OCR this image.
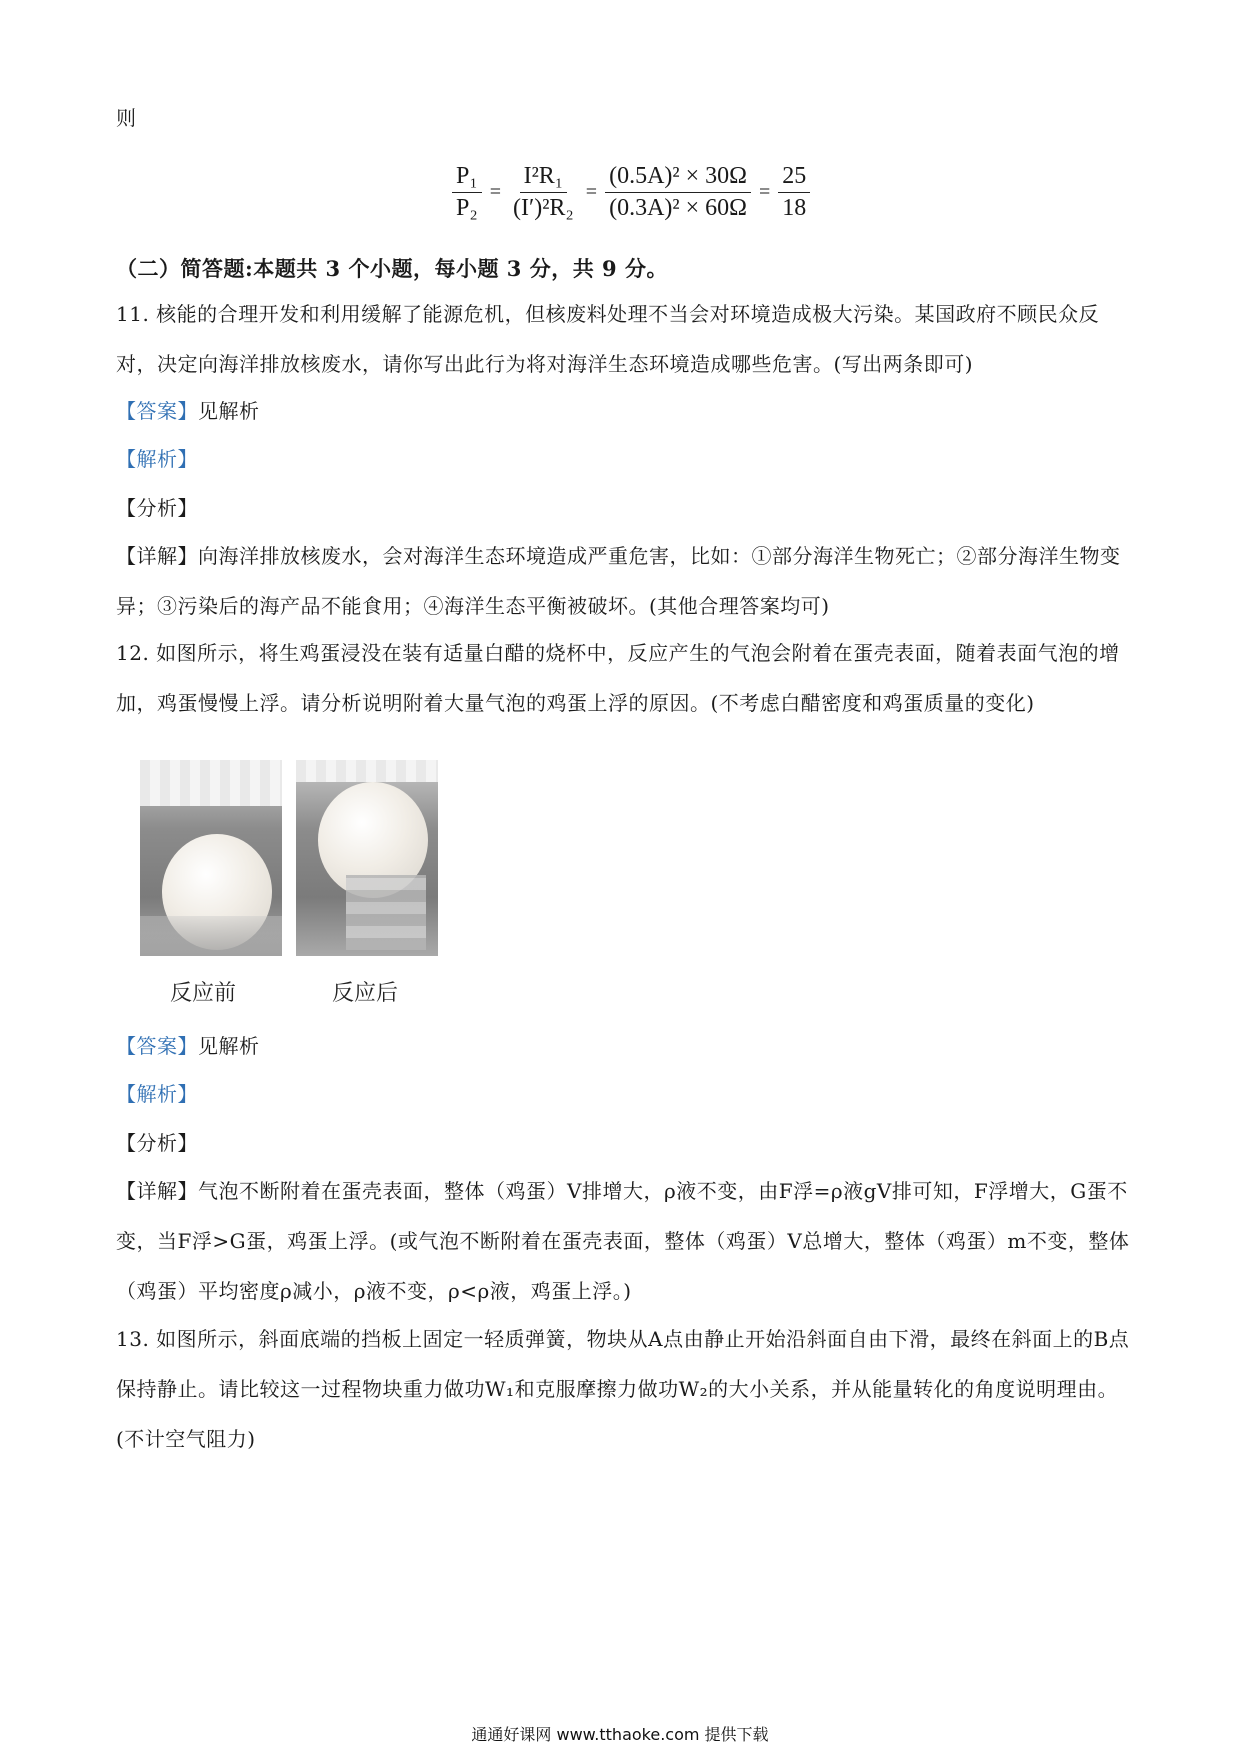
则
$\frac{\text{P₁}}{\text{P₂}} = \frac{\text{I²R₁}}{\text{(I′)²R₂}} = \frac{\text{(0.5A)² × 30Ω}}{\text{(0.3A)² × 60Ω}} = \frac{25}{18}$
（二）简答题:本题共 3 个小题，每小题 3 分，共 9 分。
11. 核能的合理开发和利用缓解了能源危机，但核废料处理不当会对环境造成极大污染。某国政府不顾民众反对，决定向海洋排放核废水，请你写出此行为将对海洋生态环境造成哪些危害。(写出两条即可)
【答案】见解析
【解析】
【分析】
【详解】向海洋排放核废水，会对海洋生态环境造成严重危害，比如：①部分海洋生物死亡；②部分海洋生物变异；③污染后的海产品不能食用；④海洋生态平衡被破坏。(其他合理答案均可)
12. 如图所示，将生鸡蛋浸没在装有适量白醋的烧杯中，反应产生的气泡会附着在蛋壳表面，随着表面气泡的增加，鸡蛋慢慢上浮。请分析说明附着大量气泡的鸡蛋上浮的原因。(不考虑白醋密度和鸡蛋质量的变化)
反应前	反应后
【答案】见解析
【解析】
【分析】
【详解】气泡不断附着在蛋壳表面，整体（鸡蛋）V排增大，ρ液不变，由F浮=ρ液gV排可知，F浮增大，G蛋不变，当F浮>G蛋，鸡蛋上浮。(或气泡不断附着在蛋壳表面，整体（鸡蛋）V总增大，整体（鸡蛋）m不变，整体（鸡蛋）平均密度ρ减小，ρ液不变，ρ<ρ液，鸡蛋上浮。)
13. 如图所示，斜面底端的挡板上固定一轻质弹簧，物块从A点由静止开始沿斜面自由下滑，最终在斜面上的B点保持静止。请比较这一过程物块重力做功W₁和克服摩擦力做功W₂的大小关系，并从能量转化的角度说明理由。(不计空气阻力)
通通好课网 www.tthaoke.com 提供下载
